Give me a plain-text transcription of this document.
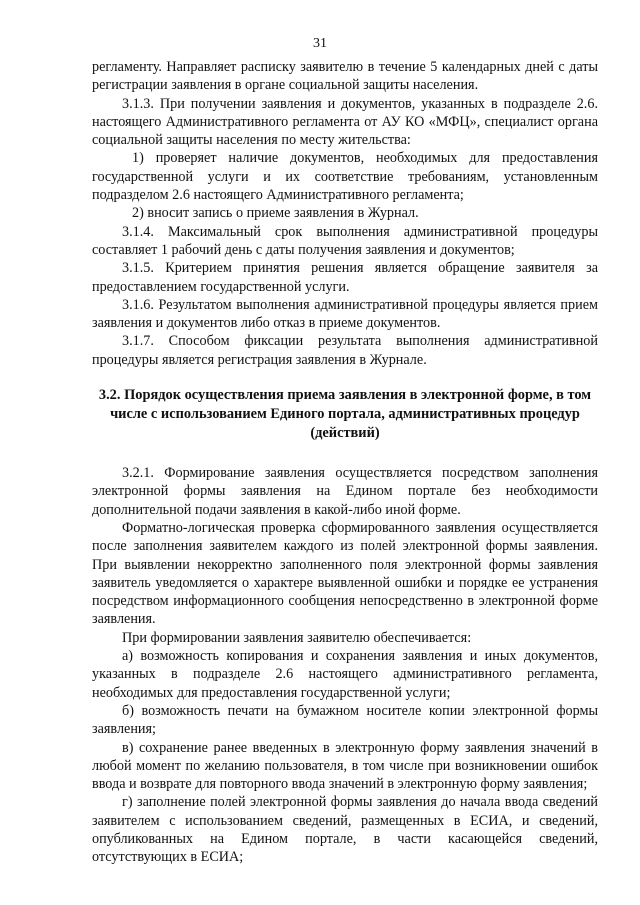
31

регламенту. Направляет расписку заявителю в течение 5 календарных дней с даты регистрации заявления в органе социальной защиты населения.

3.1.3. При получении заявления и документов, указанных в подразделе 2.6. настоящего Административного регламента от АУ КО «МФЦ», специалист органа социальной защиты населения по месту жительства:

1) проверяет наличие документов, необходимых для предоставления государственной услуги и их соответствие требованиям, установленным подразделом 2.6 настоящего Административного регламента;

2) вносит запись о приеме заявления в Журнал.

3.1.4. Максимальный срок выполнения административной процедуры составляет 1 рабочий день с даты получения заявления и документов;

3.1.5. Критерием принятия решения является обращение заявителя за предоставлением государственной услуги.

3.1.6. Результатом выполнения административной процедуры является прием заявления и документов либо отказ в приеме документов.

3.1.7. Способом фиксации результата выполнения административной процедуры является регистрация заявления в Журнале.

3.2. Порядок осуществления приема заявления в электронной форме, в том числе с использованием Единого портала, административных процедур (действий)

3.2.1. Формирование заявления осуществляется посредством заполнения электронной формы заявления на Едином портале без необходимости дополнительной подачи заявления в какой-либо иной форме.

Форматно-логическая проверка сформированного заявления осуществляется после заполнения заявителем каждого из полей электронной формы заявления. При выявлении некорректно заполненного поля электронной формы заявления заявитель уведомляется о характере выявленной ошибки и порядке ее устранения посредством информационного сообщения непосредственно в электронной форме заявления.

При формировании заявления заявителю обеспечивается:

а) возможность копирования и сохранения заявления и иных документов, указанных в подразделе 2.6 настоящего административного регламента, необходимых для предоставления государственной услуги;

б) возможность печати на бумажном носителе копии электронной формы заявления;

в) сохранение ранее введенных в электронную форму заявления значений в любой момент по желанию пользователя, в том числе при возникновении ошибок ввода и возврате для повторного ввода значений в электронную форму заявления;

г) заполнение полей электронной формы заявления до начала ввода сведений заявителем с использованием сведений, размещенных в ЕСИА, и сведений, опубликованных на Едином портале, в части касающейся сведений, отсутствующих в ЕСИА;
